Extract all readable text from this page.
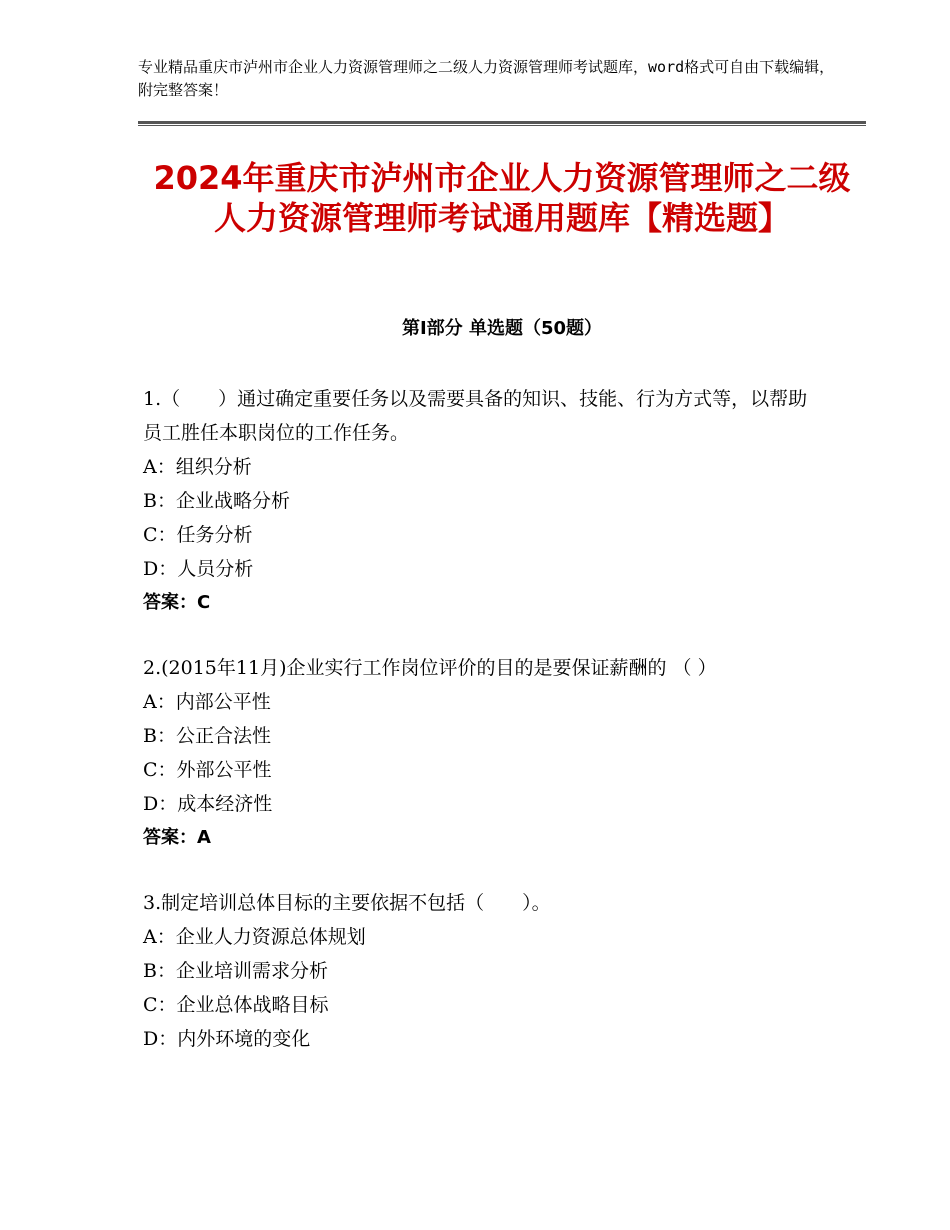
专业精品重庆市泸州市企业人力资源管理师之二级人力资源管理师考试题库，word格式可自由下载编辑，附完整答案！
2024年重庆市泸州市企业人力资源管理师之二级人力资源管理师考试通用题库【精选题】
第Ⅰ部分 单选题（50题）
1.（　　）通过确定重要任务以及需要具备的知识、技能、行为方式等，以帮助员工胜任本职岗位的工作任务。
A：组织分析
B：企业战略分析
C：任务分析
D：人员分析
答案：C
2.(2015年11月)企业实行工作岗位评价的目的是要保证薪酬的 （ ）
A：内部公平性
B：公正合法性
C：外部公平性
D：成本经济性
答案：A
3.制定培训总体目标的主要依据不包括（　　）。
A：企业人力资源总体规划
B：企业培训需求分析
C：企业总体战略目标
D：内外环境的变化
